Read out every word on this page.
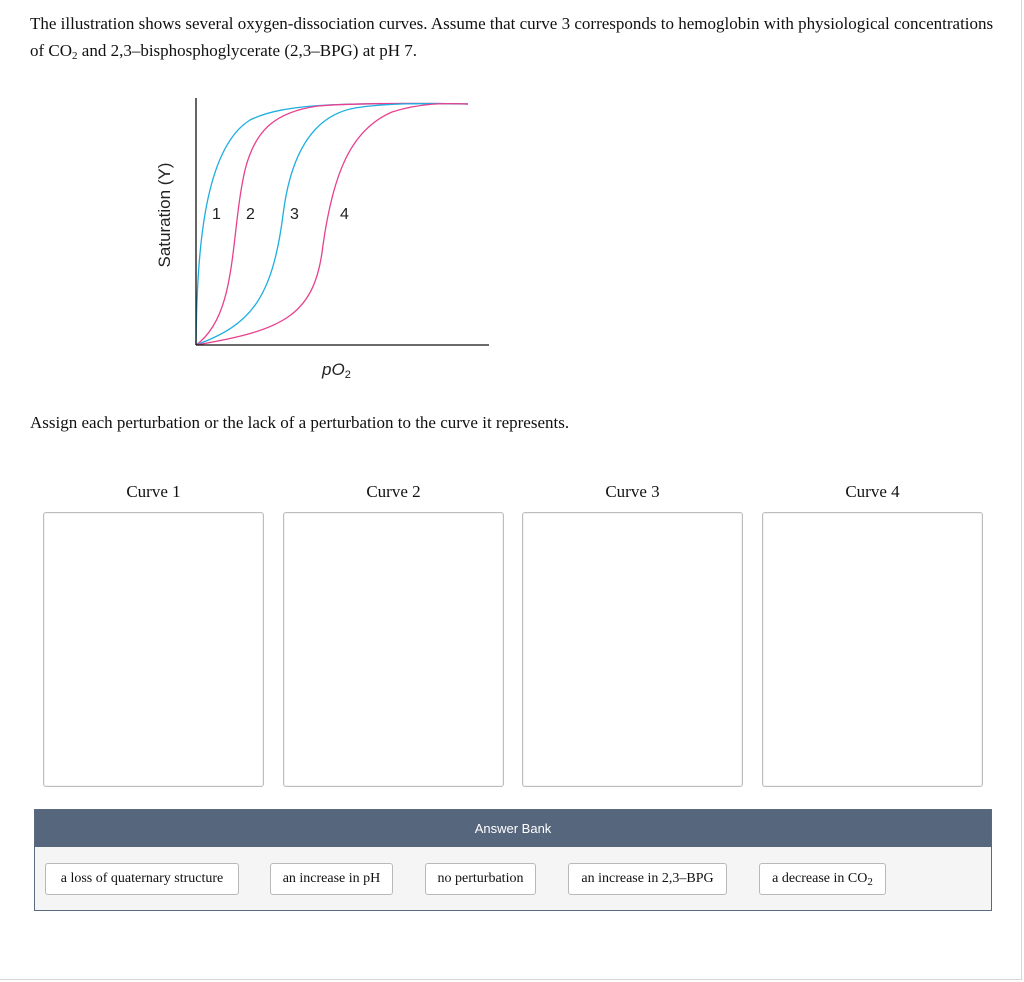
The illustration shows several oxygen-dissociation curves. Assume that curve 3 corresponds to hemoglobin with physiological concentrations of $CO_2$ and 2,3–bisphosphoglycerate (2,3–BPG) at pH 7.

Saturation (Y) 1 2 3	4
$pO_2$

Assign each perturbation or the lack of a perturbation to the curve it represents.

Curve 1	Curve 2	Curve 3	Curve 4
Answer Bank
a loss of quaternary structure	an increase in pH	no perturbation	an increase in 2,3–BPG	a decrease in $CO_2$
